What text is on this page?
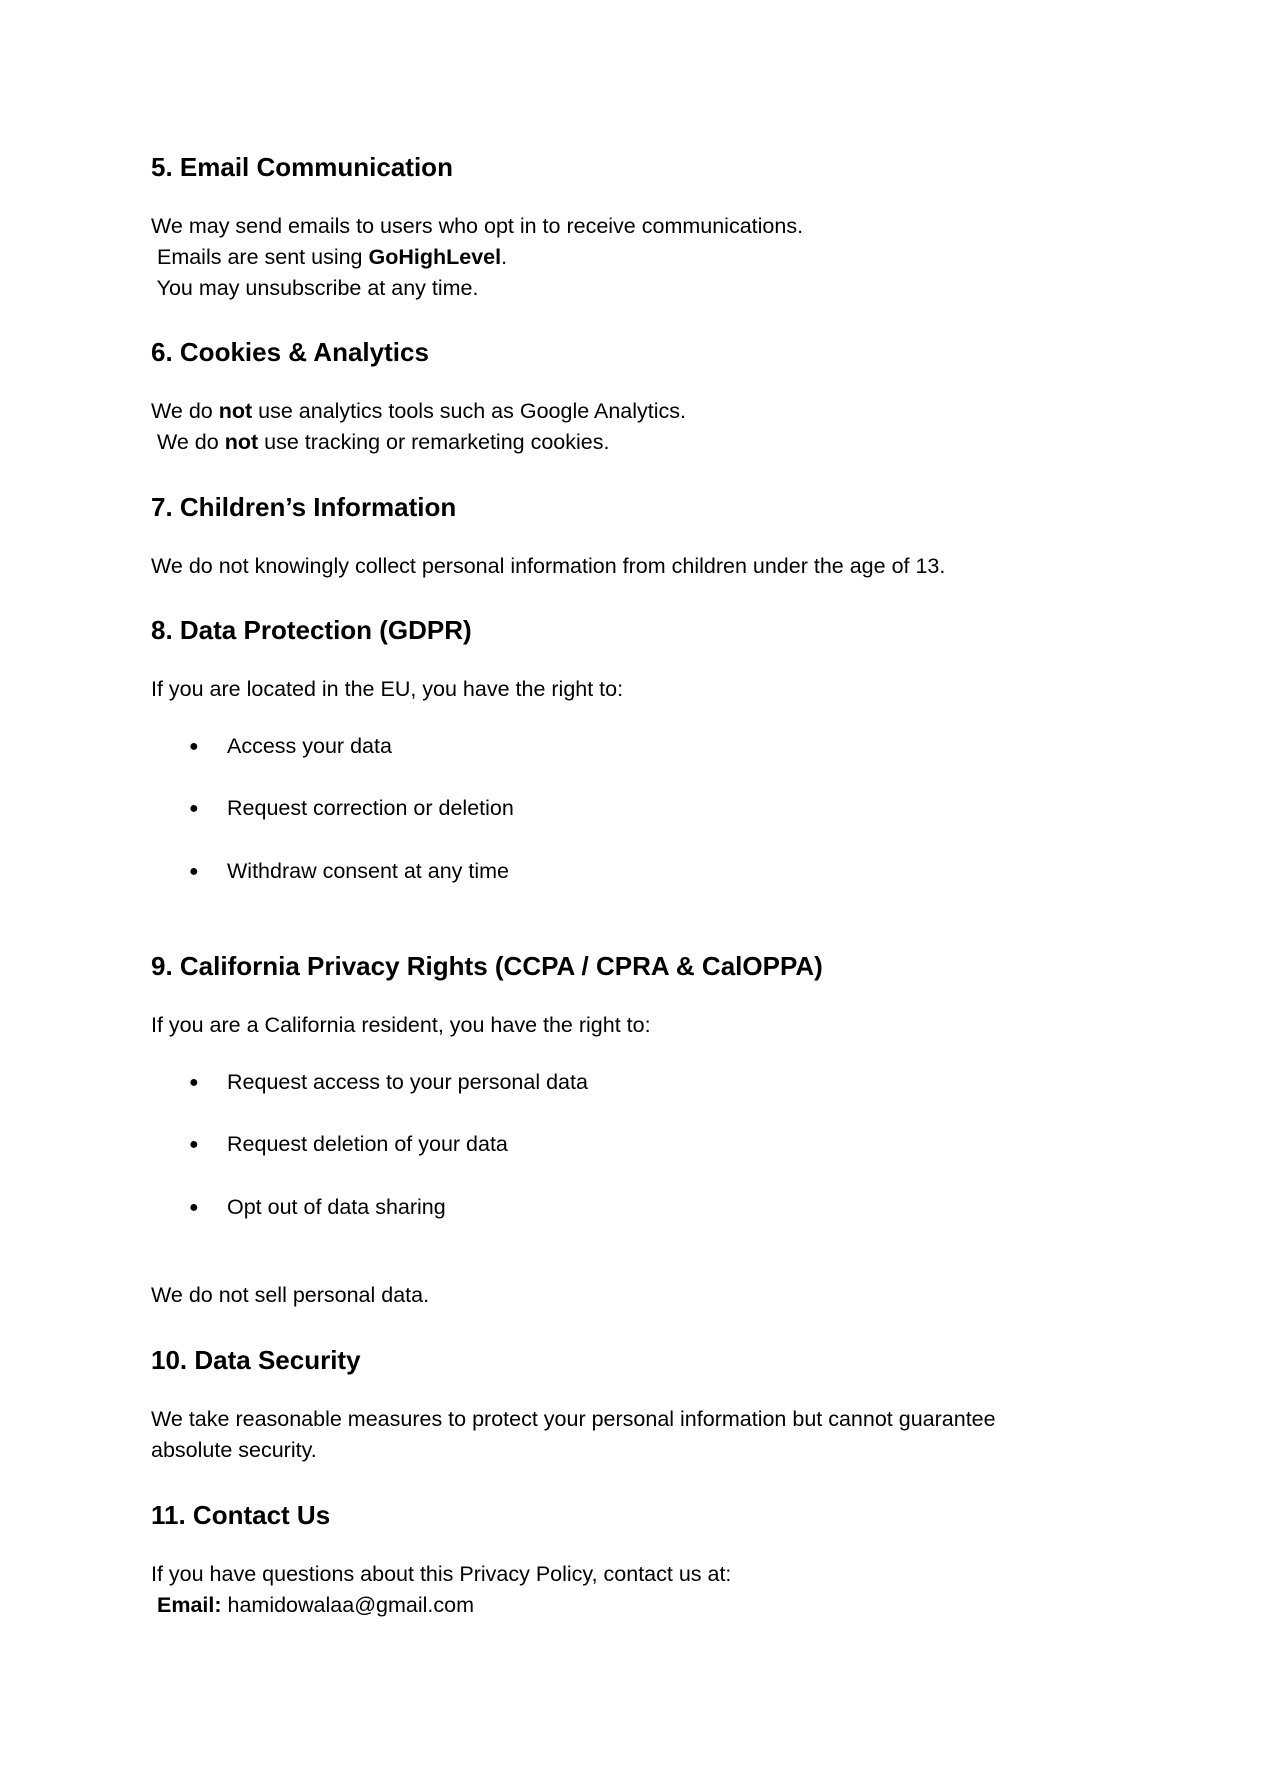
5. Email Communication

We may send emails to users who opt in to receive communications.

Emails are sent using GoHighLevel.

You may unsubscribe at any time.

6. Cookies & Analytics

We do not use analytics tools such as Google Analytics.

We do not use tracking or remarketing cookies.

7. Children’s Information

We do not knowingly collect personal information from children under the age of 13.

8. Data Protection (GDPR)

If you are located in the EU, you have the right to:

● Access your data
● Request correction or deletion
● Withdraw consent at any time
9. California Privacy Rights (CCPA / CPRA & CalOPPA)

If you are a California resident, you have the right to:

● Request access to your personal data
● Request deletion of your data
● Opt out of data sharing

We do not sell personal data.

10. Data Security

We take reasonable measures to protect your personal information but cannot guarantee absolute security.

11. Contact Us

If you have questions about this Privacy Policy, contact us at:

Email: hamidowalaa@gmail.com
